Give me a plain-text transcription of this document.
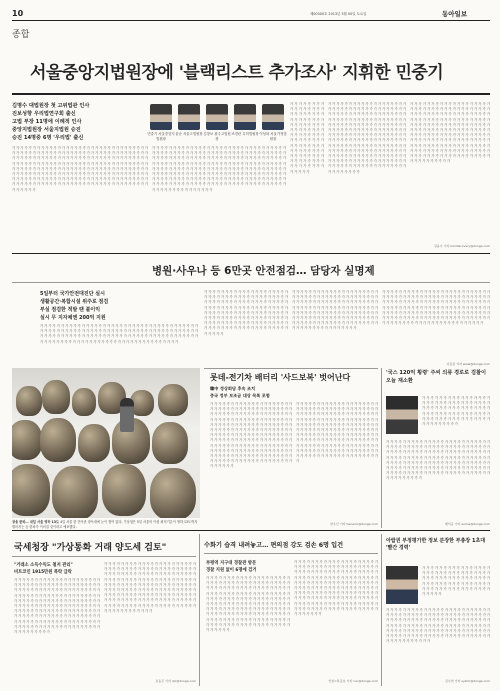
10	제00000호 2013년 3월 00일 토요일	동아일보
종합
서울중앙지법원장에 '블랙리스트 추가조사' 지휘한 민중기
김명수 대법원장 첫 고위법관 인사
진보성향 우리법연구회 출신
고법 부장 11명에 이례적 인사
중앙지법원장 서울지법원 승진
승진 14명중 6명 '우리법' 출신
민중기 서울중앙지법원장
윤준 서울고법원장 김창보 광주고법원장
조경란 특허법원장 이성복 서울가정법원장
가 가 가 가 가 가 가 가 가 가 가 가 가 가 가 가 가 가 가 가 가 가 가 가 가 가 가 가 가 가 가 가 가 가 가 가 가 가 가 가 가 가 가 가 가 가 가 가 가 가 가 가 가 가 가 가 가 가 가 가 가 가 가 가 가 가 가 가 가 가 가 가 가 가 가 가 가 가 가 가 가 가 가 가 가 가 가 가 가 가 가 가 가 가 가 가 가 가 가 가 가 가 가 가 가 가 가 가 가
가 가 가 가 가 가 가 가 가 가 가 가 가 가 가 가 가 가 가 가 가 가 가 가 가 가 가 가 가 가 가 가 가 가 가 가 가 가 가 가 가 가 가 가 가 가 가 가 가 가 가 가 가 가 가 가 가 가 가 가 가 가 가 가 가 가 가 가 가 가 가 가 가 가 가 가 가 가 가 가 가 가 가 가 가 가 가 가 가 가 가 가 가 가 가 가 가 가 가 가 가 가 가 가 가 가 가 가 가 가 가 가 가 가 가 가 가 가 가 가 가 가 가 가 가 가 가 가 가 가 가 가 가 가 가 가 가 가 가 가 가 가 가 가 가 가 가 가 가 가 가 가 가 가 가 가 가 가 가 가 가 가 가 가 가 가 가 가 가 가 가 가 가 가 가 가 가 가 가 가 가 가 가 가 가 가 가 가 가 가 가 가 가 가 가 가 가 가 가 가 가 가 가 가 가 가 가 가 가 가 가 가 가 가 가 가 가 가 가 가 가 가 가 가 가 가 가 가 가 가 가 가 가 가 가 가 가 가 가 가 가 가 가 가 가 가 가 가 가 가 가 가 가 가 가
가 가 가 가 가 가 가 가 가 가 가 가 가 가 가 가 가 가 가 가 가 가 가 가 가 가 가 가 가 가 가 가 가 가 가 가 가 가 가 가 가 가 가 가 가 가 가 가 가 가 가 가 가 가 가 가 가 가 가 가 가 가 가 가 가 가 가 가 가 가 가 가 가 가 가 가 가 가 가 가 가 가 가 가 가 가 가 가 가 가 가 가 가 가 가 가 가 가 가 가 가 가 가 가 가 가 가 가 가 가 가 가 가 가 가 가 가 가 가 가 가 가 가 가 가 가 가 가 가 가 가 가 가 가 가 가 가 가 가 가 가 가 가 가 가 가 가 가 가 가 가 가 가 가 가 가 가 가 가 가 가 가 가 가 가 가 가 가 가 가 가 가 가 가 가 가 가 가 가 가 가 가 가 가 가 가 가 가 가 가 가 가 가 가 가 가 가 가 가 가 가 가 가 가 가 가 가 가 가 가 가 가 가 가 가 가 가 가 가
김윤수 기자 kimdiscovery@donga.com
가 가 가 가 가 가 가 가 가 가 가 가 가 가 가 가 가 가 가 가 가 가 가 가 가 가 가 가 가 가 가 가 가 가 가 가 가 가 가 가 가 가 가 가 가 가 가 가 가 가 가 가 가 가 가 가 가 가 가 가 가 가 가 가 가 가 가 가 가 가 가 가 가 가 가 가 가 가 가 가 가 가 가 가 가 가 가 가 가 가 가 가 가 가 가 가 가 가 가 가 가 가 가 가 가 가 가 가 가 가 가 가 가 가 가 가 가 가 가 가 가 가 가 가 가 가 가 가 가 가 가 가 가 가 가 가 가 가 가 가 가 가 가 가 가 가 가 가 가 가 가 가 가 가 가 가 가 가 가 가 가 가 가 가 가 가 가 가 가 가 가 가 가 가 가 가 가 가 가 가 가 가 가 가 가 가 가 가 가 가 가 가 가 가 가 가 가 가 가 가 가 가 가 가 가 가 가 가 가 가 가 가 가 가 가 가 가 가 가 가 가 가 가 가 가 가 가 가 가 가 가 가 가 가 가 가 가 가 가 가 가 가 가 가 가 가 가 가 가 가 가 가 가 가 가 가 가 가 가 가 가 가 가 가 가 가 가 가 가 가
가 가 가 가 가 가 가 가 가 가 가 가 가 가 가 가 가 가 가 가 가 가 가 가 가 가 가 가 가 가 가 가 가 가 가 가 가 가 가 가 가 가 가 가 가 가 가 가 가 가 가 가 가 가 가 가 가 가 가 가 가 가 가 가 가 가 가 가 가 가 가 가 가 가 가 가 가 가 가 가 가 가 가 가 가 가 가 가 가 가 가 가 가 가 가 가 가 가 가 가 가 가 가 가 가 가 가 가 가 가 가 가 가 가 가 가 가 가 가 가 가 가 가 가 가 가 가 가 가 가 가 가 가 가 가 가 가 가 가 가 가 가 가 가 가 가 가 가 가 가 가 가 가 가 가 가 가 가 가 가 가 가 가 가 가 가 가 가 가 가 가 가 가 가 가 가 가 가 가 가 가 가 가 가 가 가 가 가 가 가 가 가 가 가 가 가 가 가 가 가 가 가 가 가 가 가 가 가 가 가 가 가 가 가 가 가 가 가 가 가 가 가 가 가 가 가 가 가 가 가 가 가 가 가 가 가 가 가 가 가 가 가 가 가 가 가 가 가 가 가 가 가 가 가 가 가 가 가 가 가 가 가 가 가 가 가 가 가 가 가 가
병원·사우나 등 6만곳 안전점검… 담당자 실명제
5일부터 국가안전대진단 실시
생활공간·복합시설 위주로 점검
부실 점검한 적발 땐 불이익
실시 무 지자체엔 200억 지원
가 가 가 가 가 가 가 가 가 가 가 가 가 가 가 가 가 가 가 가 가 가 가 가 가 가 가 가 가 가 가 가 가 가 가 가 가 가 가 가 가 가 가 가 가 가 가 가 가 가 가 가 가 가 가 가 가 가 가 가 가 가 가 가 가 가 가 가 가 가 가 가 가 가 가 가 가 가 가 가 가 가 가 가 가 가 가 가 가 가 가 가 가 가 가 가 가 가 가 가 가 가 가 가 가 가 가 가 가 가 가 가 가 가 가 가 가 가 가 가 가 가 가 가 가 가 가 가 가 가 가 가 가 가 가 가 가 가 가 가 가 가 가 가 가 가 가 가
가 가 가 가 가 가 가 가 가 가 가 가 가 가 가 가 가 가 가 가 가 가 가 가 가 가 가 가 가 가 가 가 가 가 가 가 가 가 가 가 가 가 가 가 가 가 가 가 가 가 가 가 가 가 가 가 가 가 가 가 가 가 가 가 가 가 가 가 가 가 가 가 가 가 가 가 가 가 가 가 가 가 가 가 가 가 가 가 가 가 가 가 가 가 가 가 가 가 가 가 가 가 가 가 가 가 가 가 가 가 가 가 가 가 가 가 가 가 가 가 가 가 가 가 가 가 가 가 가 가 가 가 가 가 가 가 가 가 가 가 가 가 가 가 가 가 가 가 가 가 가 가 가 가 가 가 가 가 가 가 가 가 가 가 가
가 가 가 가 가 가 가 가 가 가 가 가 가 가 가 가 가 가 가 가 가 가 가 가 가 가 가 가 가 가 가 가 가 가 가 가 가 가 가 가 가 가 가 가 가 가 가 가 가 가 가 가 가 가 가 가 가 가 가 가 가 가 가 가 가 가 가 가 가 가 가 가 가 가 가 가 가 가 가 가 가 가 가 가 가 가 가 가 가 가 가 가 가 가 가 가 가 가 가 가 가 가 가 가 가 가 가 가 가 가 가 가 가 가 가 가 가 가 가 가 가 가 가 가 가 가 가 가 가 가 가 가 가 가 가 가 가 가 가 가 가 가 가 가 가 가 가 가 가 가 가 가 가 가 가 가 가 가 가 가 가 가 가
가 가 가 가 가 가 가 가 가 가 가 가 가 가 가 가 가 가 가 가 가 가 가 가 가 가 가 가 가 가 가 가 가 가 가 가 가 가 가 가 가 가 가 가 가 가 가 가 가 가 가 가 가 가 가 가 가 가 가 가 가 가 가 가 가 가 가 가 가 가 가 가 가 가 가 가 가 가 가 가 가 가 가 가 가 가 가 가 가 가 가 가 가 가 가 가 가 가 가 가 가 가 가 가 가 가 가 가 가 가 가 가 가 가 가 가 가 가 가 가 가 가 가 가 가 가 가 가 가 가 가 가 가 가 가 가 가 가 가 가 가 가 가 가 가 가 가 가 가 가 가 가 가 가 가 가 가 가 가 가 가 가 가 가 가 가 가 가 가 가 가 가 가 가 가 가 가 가 가 가 가
이용걸 기자 www@donga.com
장송 한파… 내일 서울 영하 13도 4일 서울 한 민속촌 장독대에 눈이 쌓여 있다. 기상청은 5일 서울의 아침 최저기온이 영하 13도까지 떨어지는 등 한파가 이어질 것이라고 예보했다.
롯데-전기차 배터리 '사드보복' 벗어난다
韓中 정상회담 후속 조치
중국 정부 보조금 대상 목록 포함
가 가 가 가 가 가 가 가 가 가 가 가 가 가 가 가 가 가 가 가 가 가 가 가 가 가 가 가 가 가 가 가 가 가 가 가 가 가 가 가 가 가 가 가 가 가 가 가 가 가 가 가 가 가 가 가 가 가 가 가 가 가 가 가 가 가 가 가 가 가 가 가 가 가 가 가 가 가 가 가 가 가 가 가 가 가 가 가 가 가 가 가 가 가 가 가 가 가 가 가 가 가 가 가 가 가 가 가 가 가 가 가 가 가 가 가 가 가 가 가 가 가 가 가 가 가 가 가 가 가 가 가 가 가 가 가 가 가 가 가 가 가 가 가 가 가 가 가 가 가 가 가 가 가 가 가 가 가 가 가 가 가 가 가 가 가 가 가 가 가 가 가 가 가 가 가 가 가 가 가 가 가 가 가 가 가 가 가 가 가 가 가 가 가 가 가 가 가 가 가 가 가 가 가 가 가 가 가 가 가 가 가 가 가 가 가 가 가 가 가 가 가 가 가 가 가 가 가 가 가 가 가 가 가 가 가 가 가 가 가 가 가 가 가 가 가
가 가 가 가 가 가 가 가 가 가 가 가 가 가 가 가 가 가 가 가 가 가 가 가 가 가 가 가 가 가 가 가 가 가 가 가 가 가 가 가 가 가 가 가 가 가 가 가 가 가 가 가 가 가 가 가 가 가 가 가 가 가 가 가 가 가 가 가 가 가 가 가 가 가 가 가 가 가 가 가 가 가 가 가 가 가 가 가 가 가 가 가 가 가 가 가 가 가 가 가 가 가 가 가 가 가 가 가 가 가 가 가 가 가 가 가 가 가 가 가 가 가 가 가 가 가 가 가 가 가 가 가 가 가 가 가 가 가 가 가 가 가 가 가 가 가 가 가 가 가 가 가 가 가 가 가 가 가 가 가 가 가 가 가 가 가 가 가 가 가 가 가 가 가 가 가 가 가 가 가 가 가 가 가 가 가 가 가 가 가 가 가 가 가 가 가 가 가 가 가 가 가 가 가 가 가 가 가 가 가 가 가 가 가 가 가 가 가 가 가 가
한우신 기자 hanwoo@donga.com
'국스 120억 횡령' 주씨 의류 경로로 검찰이 오늘 재소환
가 가 가 가 가 가 가 가 가 가 가 가 가 가 가 가 가 가 가 가 가 가 가 가 가 가 가 가 가 가 가 가 가 가 가 가 가 가 가 가 가 가 가 가 가 가 가 가 가 가 가 가 가 가 가 가 가 가 가 가 가 가 가 가 가 가 가 가 가 가 가 가 가 가 가 가 가 가 가 가 가 가 가 가 가 가 가 가 가
가 가 가 가 가 가 가 가 가 가 가 가 가 가 가 가 가 가 가 가 가 가 가 가 가 가 가 가 가 가 가 가 가 가 가 가 가 가 가 가 가 가 가 가 가 가 가 가 가 가 가 가 가 가 가 가 가 가 가 가 가 가 가 가 가 가 가 가 가 가 가 가 가 가 가 가 가 가 가 가 가 가 가 가 가 가 가 가 가 가 가 가 가 가 가 가 가 가 가 가 가 가 가 가 가 가 가 가 가 가 가 가 가 가 가 가 가 가 가 가 가 가 가 가 가 가 가 가 가 가 가 가 가 가 가 가 가 가 가 가 가 가 가 가 가 가 가 가 가 가 가 가 가 가 가 가 가 가 가 가 가 가 가 가 가 가 가 가 가 가 가 가 가 가 가 가 가 가 가 가 가 가 가 가
배석준 기자 eulius@donga.com
국세청장 "가상통화 거래 양도세 검토"
"거래소 소득수익도 철저 관리"
비트코인 1915만원 폭락 급락
가 가 가 가 가 가 가 가 가 가 가 가 가 가 가 가 가 가 가 가 가 가 가 가 가 가 가 가 가 가 가 가 가 가 가 가 가 가 가 가 가 가 가 가 가 가 가 가 가 가 가 가 가 가 가 가 가 가 가 가 가 가 가 가 가 가 가 가 가 가 가 가 가 가 가 가 가 가 가 가 가 가 가 가 가 가 가 가 가 가 가 가 가 가 가 가 가 가 가 가 가 가 가 가 가 가 가 가 가 가 가 가 가 가 가 가 가 가 가 가 가 가 가 가 가 가 가 가 가 가 가 가 가 가 가 가 가 가 가 가 가 가 가 가 가 가 가 가 가 가 가 가 가 가 가 가 가 가 가 가 가 가 가 가 가 가 가 가 가 가 가 가 가 가 가 가 가 가 가 가 가 가 가 가 가 가 가 가 가 가 가 가 가 가 가 가 가 가 가 가 가 가 가 가 가 가 가 가 가 가 가 가 가 가 가 가 가 가 가
가 가 가 가 가 가 가 가 가 가 가 가 가 가 가 가 가 가 가 가 가 가 가 가 가 가 가 가 가 가 가 가 가 가 가 가 가 가 가 가 가 가 가 가 가 가 가 가 가 가 가 가 가 가 가 가 가 가 가 가 가 가 가 가 가 가 가 가 가 가 가 가 가 가 가 가 가 가 가 가 가 가 가 가 가 가 가 가 가 가 가 가 가 가 가 가 가 가 가 가 가 가 가 가 가 가 가 가 가 가 가 가 가 가 가 가 가 가 가 가 가 가 가 가 가 가 가 가 가 가 가 가 가 가 가 가 가 가 가 가 가 가 가 가 가 가 가 가 가 가 가 가 가 가 가 가 가 가 가 가 가 가 가 가 가 가 가 가 가 가 가 가 가 가 가 가 가 가 가 가 가 가 가 가 가 가 가 가 가 가 가 가 가 가 가 가 가 가 가 가 가 가 가 가 가 가 가 가 가 가
조동주 기자 djc@donga.com
수화기 습격 내려놓고… 편의점 강도 검손 6명 입건
부평역 지구대 경찰관 방문
경찰 지원 없이 6명에 검거
가 가 가 가 가 가 가 가 가 가 가 가 가 가 가 가 가 가 가 가 가 가 가 가 가 가 가 가 가 가 가 가 가 가 가 가 가 가 가 가 가 가 가 가 가 가 가 가 가 가 가 가 가 가 가 가 가 가 가 가 가 가 가 가 가 가 가 가 가 가 가 가 가 가 가 가 가 가 가 가 가 가 가 가 가 가 가 가 가 가 가 가 가 가 가 가 가 가 가 가 가 가 가 가 가 가 가 가 가 가 가 가 가 가 가 가 가 가 가 가 가 가 가 가 가 가 가 가 가 가 가 가 가 가 가 가 가 가 가 가 가 가 가 가 가 가 가 가 가 가 가 가 가 가 가 가 가 가 가 가 가 가 가 가 가 가 가 가 가 가 가 가 가 가 가 가 가 가 가 가 가 가 가 가 가 가 가 가 가 가 가 가 가 가 가 가 가 가 가 가 가 가 가 가 가 가
가 가 가 가 가 가 가 가 가 가 가 가 가 가 가 가 가 가 가 가 가 가 가 가 가 가 가 가 가 가 가 가 가 가 가 가 가 가 가 가 가 가 가 가 가 가 가 가 가 가 가 가 가 가 가 가 가 가 가 가 가 가 가 가 가 가 가 가 가 가 가 가 가 가 가 가 가 가 가 가 가 가 가 가 가 가 가 가 가 가 가 가 가 가 가 가 가 가 가 가 가 가 가 가 가 가 가 가 가 가 가 가 가 가 가 가 가 가 가 가 가 가 가 가 가 가 가 가 가 가 가 가 가 가 가 가 가 가 가 가 가 가 가 가 가 가 가 가 가 가 가 가 가 가 가 가 가 가 가 가 가 가 가 가 가 가 가 가 가 가 가 가 가 가 가 가 가 가 가 가 가 가 가 가 가 가 가 가 가 가 가 가 가 가 가 가 가 가 가 가 가 가 가 가 가 가 가
인천=차준호 기자 run@donga.com
아랍권 부정평가한 정보 분장한 부총장 1초대 '빨간 경력'
가 가 가 가 가 가 가 가 가 가 가 가 가 가 가 가 가 가 가 가 가 가 가 가 가 가 가 가 가 가 가 가 가 가 가 가 가 가 가 가 가 가 가 가 가 가 가 가 가 가 가 가 가 가 가 가 가 가 가 가 가 가 가 가 가 가 가 가 가 가 가 가 가 가 가 가 가 가 가 가 가 가 가 가 가
가 가 가 가 가 가 가 가 가 가 가 가 가 가 가 가 가 가 가 가 가 가 가 가 가 가 가 가 가 가 가 가 가 가 가 가 가 가 가 가 가 가 가 가 가 가 가 가 가 가 가 가 가 가 가 가 가 가 가 가 가 가 가 가 가 가 가 가 가 가 가 가 가 가 가 가 가 가 가 가 가 가 가 가 가 가 가 가 가 가 가 가 가 가 가 가 가 가 가 가 가 가 가 가 가 가 가 가 가 가 가 가 가 가 가 가 가 가 가 가 가 가 가 가 가 가 가 가 가 가 가 가 가 가 가 가 가 가 가 가 가 가 가 가 가 가 가 가 가 가 가 가 가 가 가 가 가 가 가 가 가
김수연 기자 sykim@donga.com
